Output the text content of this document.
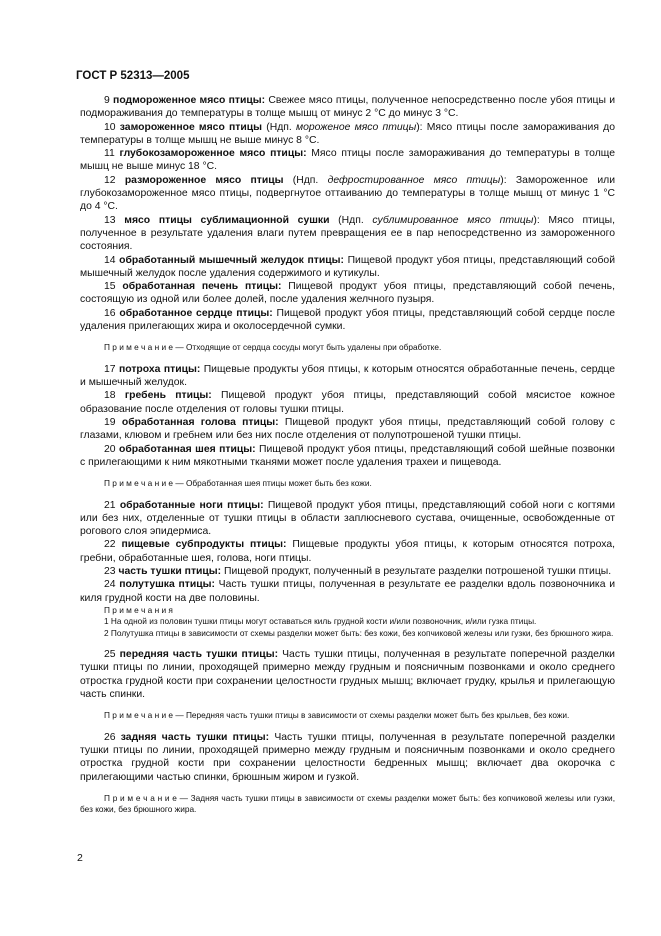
ГОСТ Р 52313—2005

9 подмороженное мясо птицы: Свежее мясо птицы, полученное непосредственно после убоя птицы и подмораживания до температуры в толще мышц от минус 2 °С до минус 3 °С.

10 замороженное мясо птицы (Ндп. мороженое мясо птицы): Мясо птицы после замораживания до температуры в толще мышц не выше минус 8 °С.

11 глубокозамороженное мясо птицы: Мясо птицы после замораживания до температуры в толще мышц не выше минус 18 °С.

12 размороженное мясо птицы (Ндп. дефростированное мясо птицы): Замороженное или глубокозамороженное мясо птицы, подвергнутое оттаиванию до температуры в толще мышц от минус 1 °С до 4 °С.

13 мясо птицы сублимационной сушки (Ндп. сублимированное мясо птицы): Мясо птицы, полученное в результате удаления влаги путем превращения ее в пар непосредственно из замороженного состояния.

14 обработанный мышечный желудок птицы: Пищевой продукт убоя птицы, представляющий собой мышечный желудок после удаления содержимого и кутикулы.

15 обработанная печень птицы: Пищевой продукт убоя птицы, представляющий собой печень, состоящую из одной или более долей, после удаления желчного пузыря.

16 обработанное сердце птицы: Пищевой продукт убоя птицы, представляющий собой сердце после удаления прилегающих жира и околосердечной сумки.

П р и м е ч а н и е — Отходящие от сердца сосуды могут быть удалены при обработке.

17 потроха птицы: Пищевые продукты убоя птицы, к которым относятся обработанные печень, сердце и мышечный желудок.

18 гребень птицы: Пищевой продукт убоя птицы, представляющий собой мясистое кожное образование после отделения от головы тушки птицы.

19 обработанная голова птицы: Пищевой продукт убоя птицы, представляющий собой голову с глазами, клювом и гребнем или без них после отделения от полупотрошеной тушки птицы.

20 обработанная шея птицы: Пищевой продукт убоя птицы, представляющий собой шейные позвонки с прилегающими к ним мякотными тканями может после удаления трахеи и пищевода.

П р и м е ч а н и е — Обработанная шея птицы может быть без кожи.

21 обработанные ноги птицы: Пищевой продукт убоя птицы, представляющий собой ноги с когтями или без них, отделенные от тушки птицы в области заплюсневого сустава, очищенные, освобожденные от рогового слоя эпидермиса.

22 пищевые субпродукты птицы: Пищевые продукты убоя птицы, к которым относятся потроха, гребни, обработанные шея, голова, ноги птицы.

23 часть тушки птицы: Пищевой продукт, полученный в результате разделки потрошеной тушки птицы.

24 полутушка птицы: Часть тушки птицы, полученная в результате ее разделки вдоль позвоночника и киля грудной кости на две половины.

П р и м е ч а н и я

1 На одной из половин тушки птицы могут оставаться киль грудной кости и/или позвоночник, и/или гузка птицы.

2 Полутушка птицы в зависимости от схемы разделки может быть: без кожи, без копчиковой железы или гузки, без брюшного жира.

25 передняя часть тушки птицы: Часть тушки птицы, полученная в результате поперечной разделки тушки птицы по линии, проходящей примерно между грудным и поясничным позвонками и около среднего отростка грудной кости при сохранении целостности грудных мышц; включает грудку, крылья и прилегающую часть спинки.

П р и м е ч а н и е — Передняя часть тушки птицы в зависимости от схемы разделки может быть без крыльев, без кожи.

26 задняя часть тушки птицы: Часть тушки птицы, полученная в результате поперечной разделки тушки птицы по линии, проходящей примерно между грудным и поясничным позвонками и около среднего отростка грудной кости при сохранении целостности бедренных мышц; включает два окорочка с прилегающими частью спинки, брюшным жиром и гузкой.

П р и м е ч а н и е — Задняя часть тушки птицы в зависимости от схемы разделки может быть: без копчиковой железы или гузки, без кожи, без брюшного жира.

2
